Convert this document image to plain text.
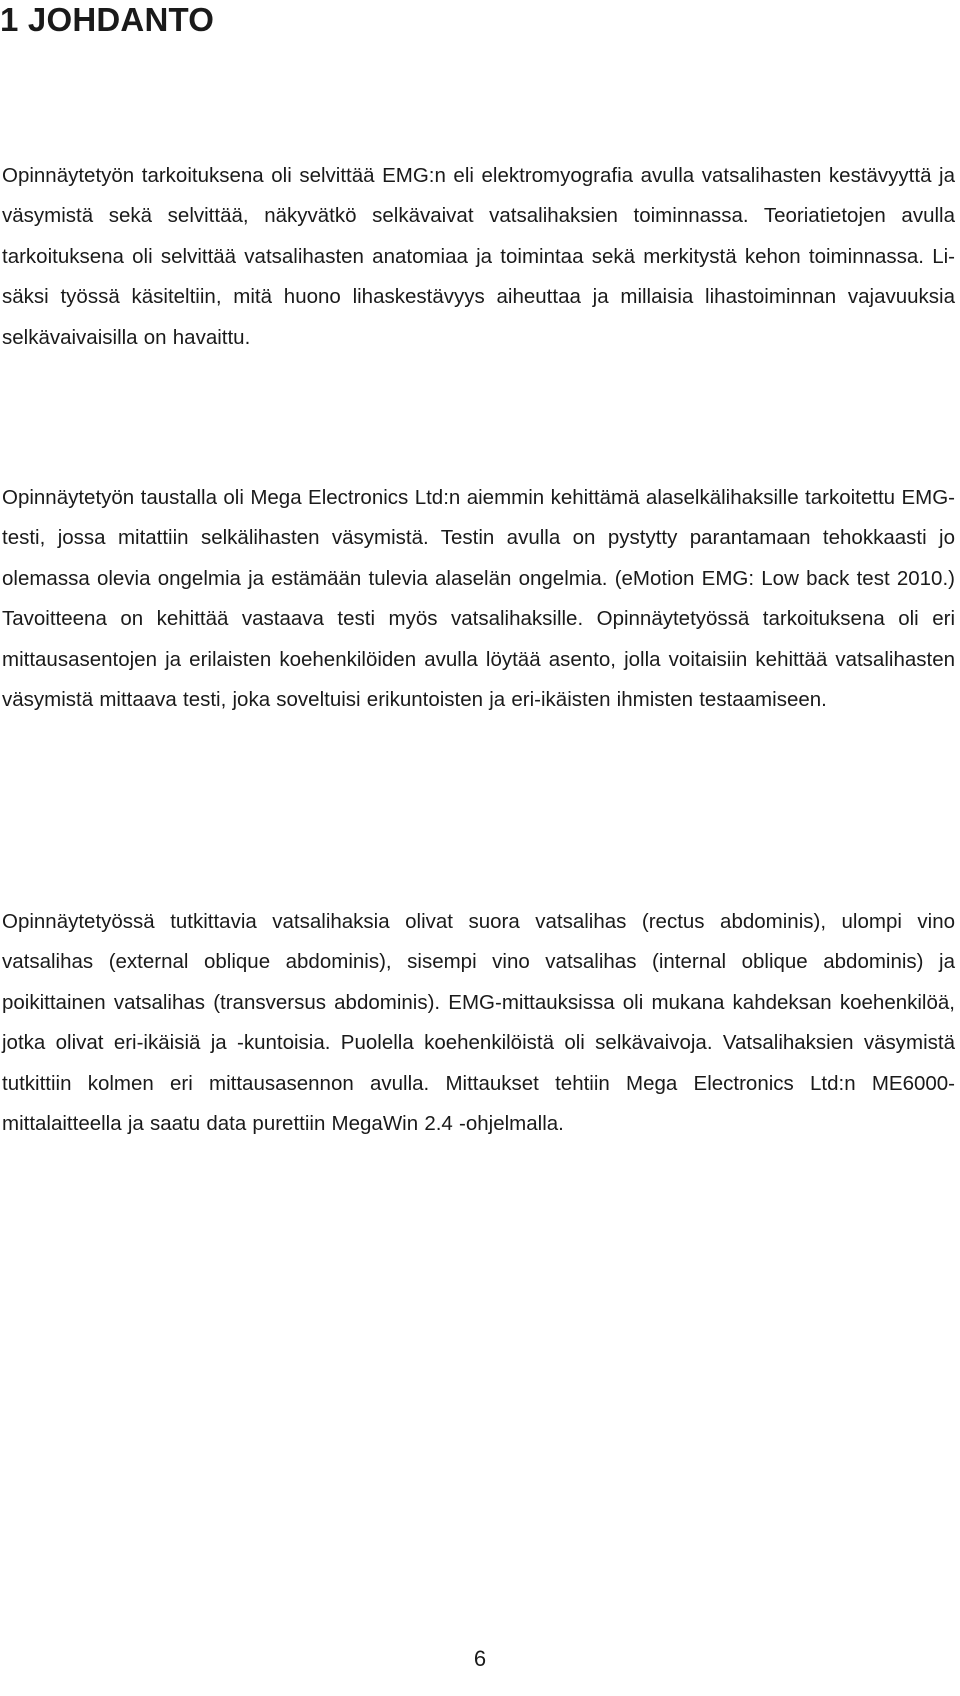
1 JOHDANTO

Opinnäytetyön tarkoituksena oli selvittää EMG:n eli elektromyografia avulla vatsalihasten kestävyyttä ja väsymistä sekä selvittää, näkyvätkö selkävaivat vatsalihaksien toiminnassa. Teoriatietojen avulla tarkoituksena oli selvittää vatsalihasten anatomiaa ja toimintaa sekä merkitystä kehon toiminnassa. Lisäksi työssä käsiteltiin, mitä huono lihaskestävyys aiheuttaa ja millaisia lihastoiminnan vajavuuksia selkävaivaisilla on havaittu.

Opinnäytetyön taustalla oli Mega Electronics Ltd:n aiemmin kehittämä alaselkälihaksille tarkoitettu EMG-testi, jossa mitattiin selkälihasten väsymistä. Testin avulla on pystytty parantamaan tehokkaasti jo olemassa olevia ongelmia ja estämään tulevia alaselän ongelmia. (eMotion EMG: Low back test 2010.) Tavoitteena on kehittää vastaava testi myös vatsalihaksille. Opinnäytetyössä tarkoituksena oli eri mittausasentojen ja erilaisten koehenkilöiden avulla löytää asento, jolla voitaisiin kehittää vatsalihasten väsymistä mittaava testi, joka soveltuisi erikuntoisten ja eri-ikäisten ihmisten testaamiseen.

Opinnäytetyössä tutkittavia vatsalihaksia olivat suora vatsalihas (rectus abdominis), ulompi vino vatsalihas (external oblique abdominis), sisempi vino vatsalihas (internal oblique abdominis) ja poikittainen vatsalihas (transversus abdominis). EMG-mittauksissa oli mukana kahdeksan koehenkilöä, jotka olivat eri-ikäisiä ja -kuntoisia. Puolella koehenkilöistä oli selkävaivoja. Vatsalihaksien väsymistä tutkittiin kolmen eri mittausasennon avulla. Mittaukset tehtiin Mega Electronics Ltd:n ME6000-mittalaitteella ja saatu data purettiin MegaWin 2.4 -ohjelmalla.

6
